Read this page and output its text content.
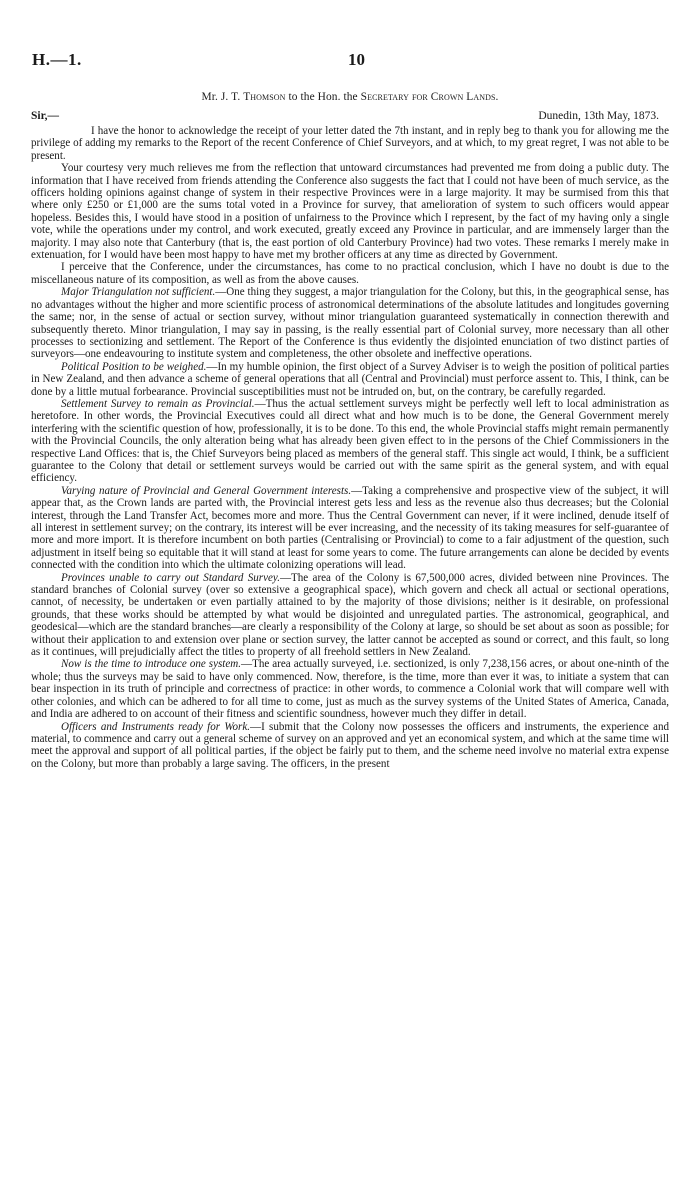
H.—1.	10
Mr. J. T. Thomson to the Hon. the Secretary for Crown Lands.
Sir,—	Dunedin, 13th May, 1873.

I have the honor to acknowledge the receipt of your letter dated the 7th instant, and in reply beg to thank you for allowing me the privilege of adding my remarks to the Report of the recent Conference of Chief Surveyors, and at which, to my great regret, I was not able to be present.

Your courtesy very much relieves me from the reflection that untoward circumstances had prevented me from doing a public duty. The information that I have received from friends attending the Conference also suggests the fact that I could not have been of much service, as the officers holding opinions against change of system in their respective Provinces were in a large majority. It may be surmised from this that where only £250 or £1,000 are the sums total voted in a Province for survey, that amelioration of system to such officers would appear hopeless. Besides this, I would have stood in a position of unfairness to the Province which I represent, by the fact of my having only a single vote, while the operations under my control, and work executed, greatly exceed any Province in particular, and are immensely larger than the majority. I may also note that Canterbury (that is, the east portion of old Canterbury Province) had two votes. These remarks I merely make in extenuation, for I would have been most happy to have met my brother officers at any time as directed by Government.

I perceive that the Conference, under the circumstances, has come to no practical conclusion, which I have no doubt is due to the miscellaneous nature of its composition, as well as from the above causes.

Major Triangulation not sufficient.—One thing they suggest, a major triangulation for the Colony, but this, in the geographical sense, has no advantages without the higher and more scientific process of astronomical determinations of the absolute latitudes and longitudes governing the same; nor, in the sense of actual or section survey, without minor triangulation guaranteed systematically in connection therewith and subsequently thereto. Minor triangulation, I may say in passing, is the really essential part of Colonial survey, more necessary than all other processes to sectionizing and settlement. The Report of the Conference is thus evidently the disjointed enunciation of two distinct parties of surveyors—one endeavouring to institute system and completeness, the other obsolete and ineffective operations.

Political Position to be weighed.—In my humble opinion, the first object of a Survey Adviser is to weigh the position of political parties in New Zealand, and then advance a scheme of general operations that all (Central and Provincial) must perforce assent to. This, I think, can be done by a little mutual forbearance. Provincial susceptibilities must not be intruded on, but, on the contrary, be carefully regarded.

Settlement Survey to remain as Provincial.—Thus the actual settlement surveys might be perfectly well left to local administration as heretofore. In other words, the Provincial Executives could all direct what and how much is to be done, the General Government merely interfering with the scientific question of how, professionally, it is to be done. To this end, the whole Provincial staffs might remain permanently with the Provincial Councils, the only alteration being what has already been given effect to in the persons of the Chief Commissioners in the respective Land Offices: that is, the Chief Surveyors being placed as members of the general staff. This single act would, I think, be a sufficient guarantee to the Colony that detail or settlement surveys would be carried out with the same spirit as the general system, and with equal efficiency.

Varying nature of Provincial and General Government interests.—Taking a comprehensive and prospective view of the subject, it will appear that, as the Crown lands are parted with, the Provincial interest gets less and less as the revenue also thus decreases; but the Colonial interest, through the Land Transfer Act, becomes more and more. Thus the Central Government can never, if it were inclined, denude itself of all interest in settlement survey; on the contrary, its interest will be ever increasing, and the necessity of its taking measures for self-guarantee of more and more import. It is therefore incumbent on both parties (Centralising or Provincial) to come to a fair adjustment of the question, such adjustment in itself being so equitable that it will stand at least for some years to come. The future arrangements can alone be decided by events connected with the condition into which the ultimate colonizing operations will lead.

Provinces unable to carry out Standard Survey.—The area of the Colony is 67,500,000 acres, divided between nine Provinces. The standard branches of Colonial survey (over so extensive a geographical space), which govern and check all actual or sectional operations, cannot, of necessity, be undertaken or even partially attained to by the majority of those divisions; neither is it desirable, on professional grounds, that these works should be attempted by what would be disjointed and unregulated parties. The astronomical, geographical, and geodesical—which are the standard branches—are clearly a responsibility of the Colony at large, so should be set about as soon as possible; for without their application to and extension over plane or section survey, the latter cannot be accepted as sound or correct, and this fault, so long as it continues, will prejudicially affect the titles to property of all freehold settlers in New Zealand.

Now is the time to introduce one system.—The area actually surveyed, i.e. sectionized, is only 7,238,156 acres, or about one-ninth of the whole; thus the surveys may be said to have only commenced. Now, therefore, is the time, more than ever it was, to initiate a system that can bear inspection in its truth of principle and correctness of practice: in other words, to commence a Colonial work that will compare well with other colonies, and which can be adhered to for all time to come, just as much as the survey systems of the United States of America, Canada, and India are adhered to on account of their fitness and scientific soundness, however much they differ in detail.

Officers and Instruments ready for Work.—I submit that the Colony now possesses the officers and instruments, the experience and material, to commence and carry out a general scheme of survey on an approved and yet an economical system, and which at the same time will meet the approval and support of all political parties, if the object be fairly put to them, and the scheme need involve no material extra expense on the Colony, but more than probably a large saving. The officers, in the present
